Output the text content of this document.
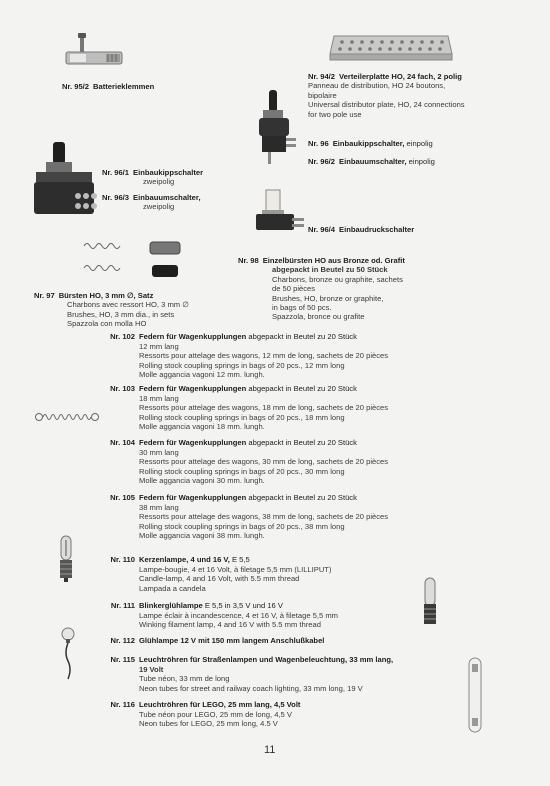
Nr. 95/2 Batterieklemmen
Nr. 94/2 Verteilerplatte HO, 24 fach, 2 polig
Panneau de distribution, HO 24 boutons,
bipolaire
Universal distributor plate, HO, 24 connections
for two pole use
Nr. 96 Einbaukippschalter, einpolig
Nr. 96/2 Einbauumschalter, einpolig
Nr. 96/1 Einbaukippschalter
zweipolig
Nr. 96/3 Einbauumschalter,
zweipolig
Nr. 96/4 Einbaudruckschalter
Nr. 98 Einzelbürsten HO aus Bronze od. Grafit
abgepackt in Beutel zu 50 Stück
Charbons, bronze ou graphite, sachets
de 50 pièces
Brushes, HO, bronze or graphite,
in bags of 50 pcs.
Spazzola, bronce ou grafite
Nr. 97 Bürsten HO, 3 mm ∅, Satz
Charbons avec ressort HO, 3 mm ∅
Brushes, HO, 3 mm dia., in sets
Spazzola con molla HO
Nr. 102 Federn für Wagenkupplungen abgepackt in Beutel zu 20 Stück
12 mm lang
Ressorts pour attelage des wagons, 12 mm de long, sachets de 20 pièces
Rolling stock coupling springs in bags of 20 pcs., 12 mm long
Molle aggancia vagoni 12 mm. lungh.
Nr. 103 Federn für Wagenkupplungen abgepackt in Beutel zu 20 Stück
18 mm lang
Ressorts pour attelage des wagons, 18 mm de long, sachets de 20 pièces
Rolling stock coupling springs in bags of 20 pcs., 18 mm long
Molle aggancia vagoni 18 mm. lungh.
Nr. 104 Federn für Wagenkupplungen abgepackt in Beutel zu 20 Stück
30 mm lang
Ressorts pour attelage des wagons, 30 mm de long, sachets de 20 pièces
Rolling stock coupling springs in bags of 20 pcs., 30 mm long
Molle aggancia vagoni 30 mm. lungh.
Nr. 105 Federn für Wagenkupplungen abgepackt in Beutel zu 20 Stück
38 mm lang
Ressorts pour attelage des wagons, 38 mm de long, sachets de 20 pièces
Rolling stock coupling springs in bags of 20 pcs., 38 mm long
Molle aggancia vagoni 38 mm. lungh.
Nr. 110 Kerzenlampe, 4 und 16 V, E 5,5
Lampe-bougie, 4 et 16 Volt, à filetage 5,5 mm (LILLIPUT)
Candle-lamp, 4 and 16 Volt, with 5.5 mm thread
Lampada a candela
Nr. 111 Blinkerglühlampe E 5,5 in 3,5 V und 16 V
Lampe éclair à incandescence, 4 et 16 V, à filetage 5,5 mm
Winking filament lamp, 4 and 16 V with 5.5 mm thread
Nr. 112 Glühlampe 12 V mit 150 mm langem Anschlußkabel
Nr. 115 Leuchtröhren für Straßenlampen und Wagenbeleuchtung, 33 mm lang,
19 Volt
Tube néon, 33 mm de long
Neon tubes for street and railway coach lighting, 33 mm long, 19 V
Nr. 116 Leuchtröhren für LEGO, 25 mm lang, 4,5 Volt
Tube néon pour LEGO, 25 mm de long, 4,5 V
Neon tubes for LEGO, 25 mm long, 4.5 V
11
